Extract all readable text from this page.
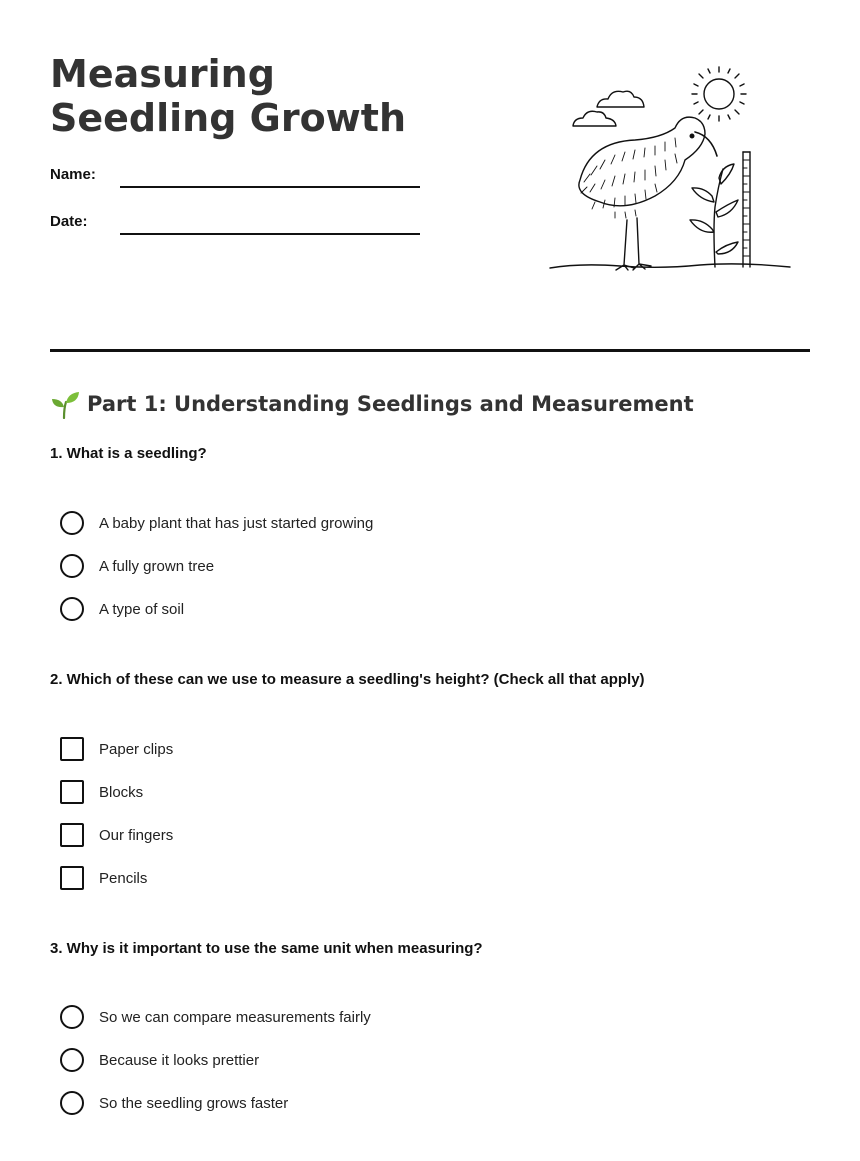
Measuring Seedling Growth
Name:
Date:
Part 1: Understanding Seedlings and Measurement

1. What is a seedling?

A baby plant that has just started growing
A fully grown tree
A type of soil

2. Which of these can we use to measure a seedling's height? (Check all that apply)

Paper clips
Blocks
Our fingers
Pencils

3. Why is it important to use the same unit when measuring?

So we can compare measurements fairly
Because it looks prettier
So the seedling grows faster
